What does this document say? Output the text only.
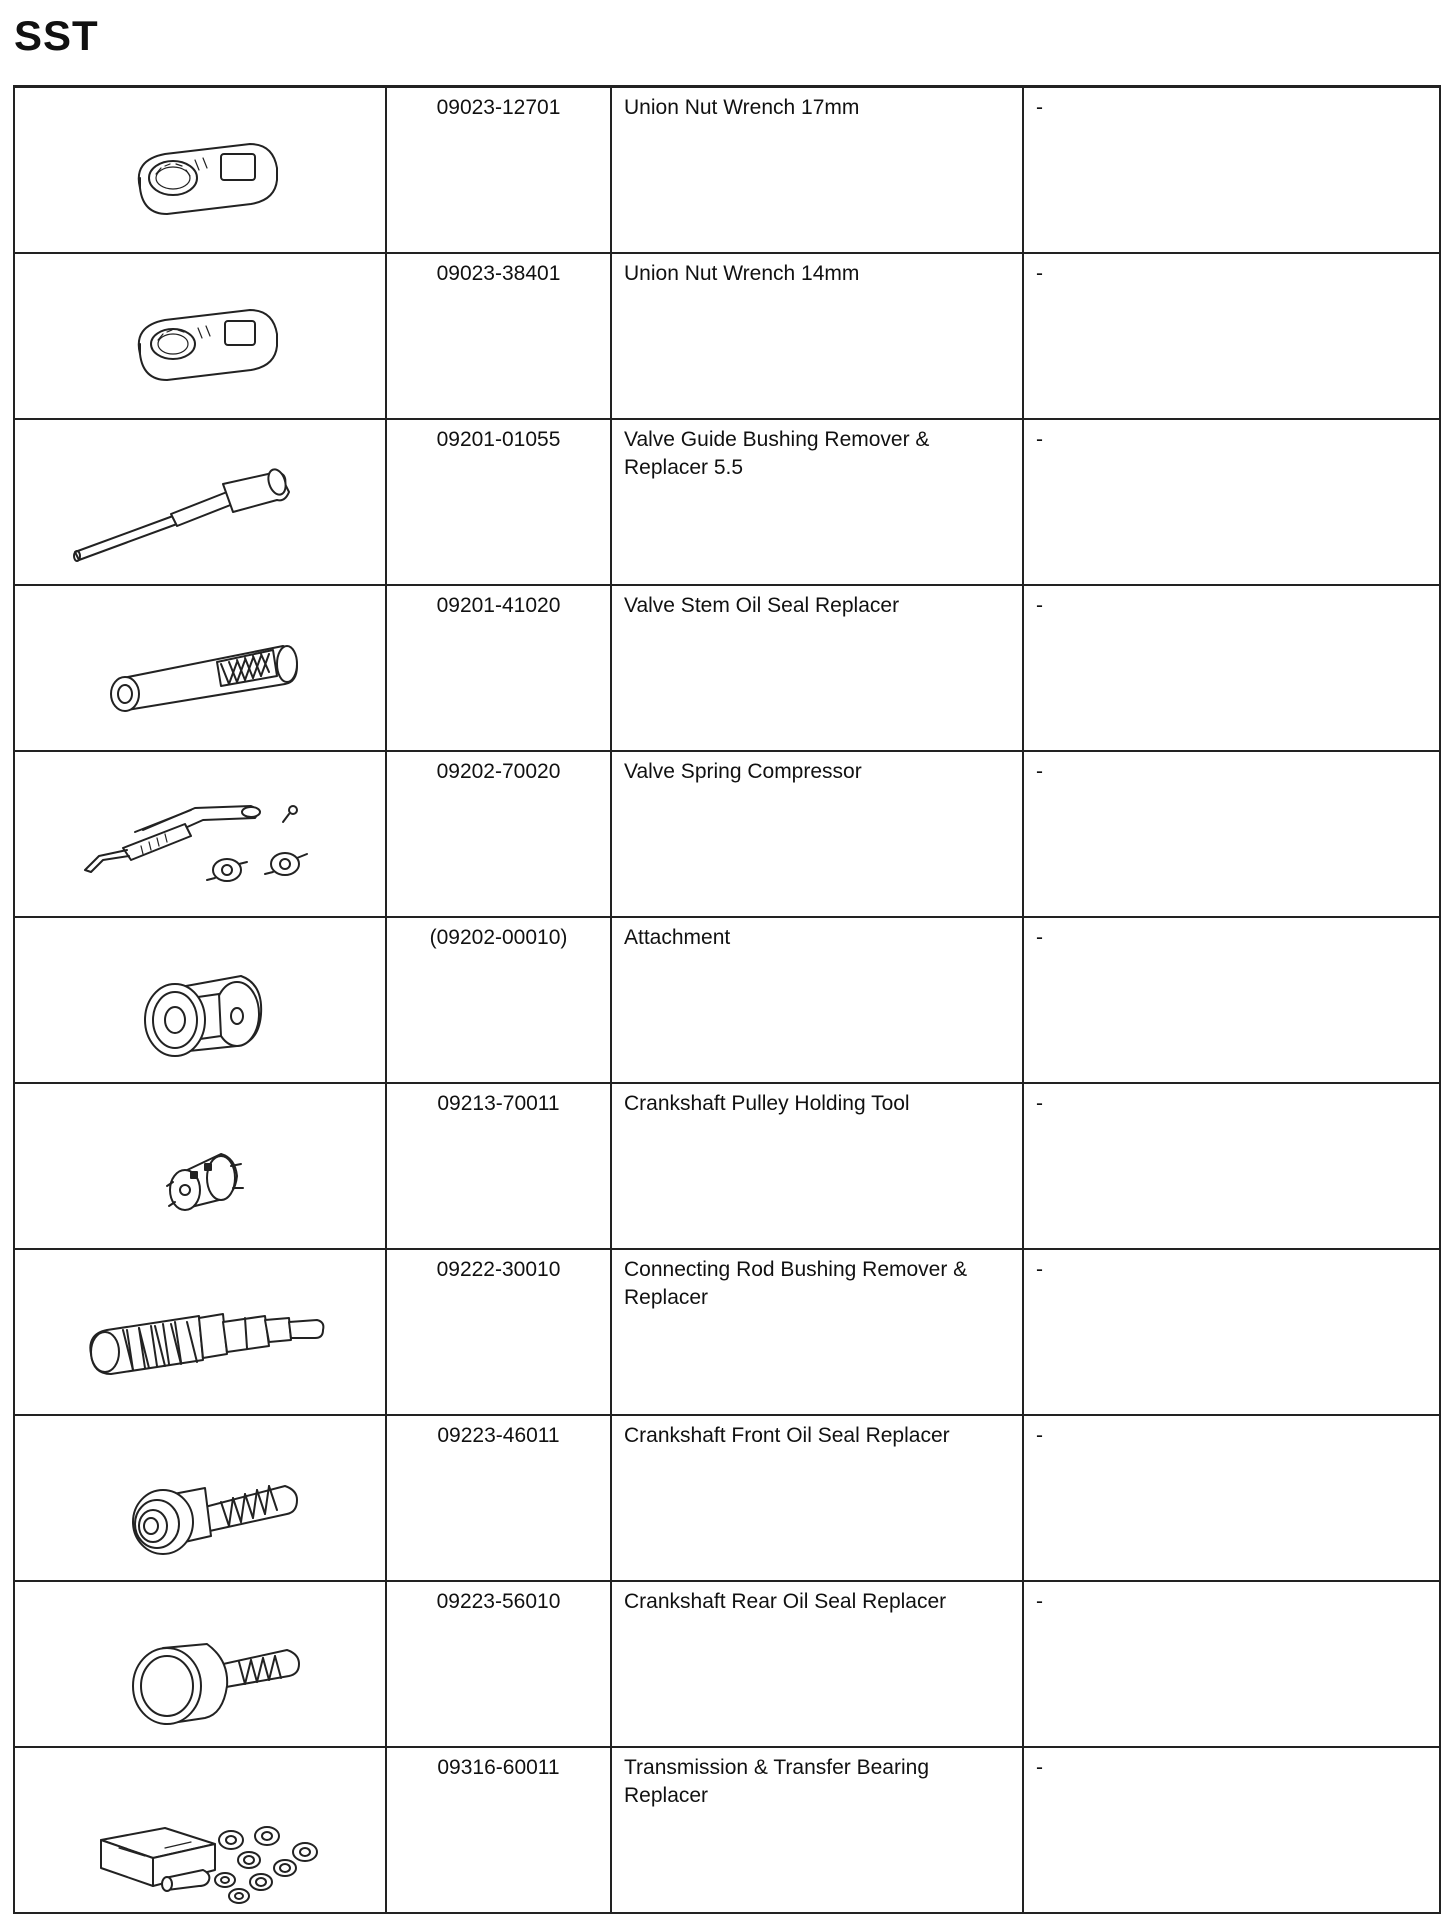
SST
	09023-12701	Union Nut Wrench 17mm	-

	09023-38401	Union Nut Wrench 14mm	-

	09201-01055	Valve Guide Bushing Remover & Replacer 5.5	-

	09201-41020	Valve Stem Oil Seal Replacer	-

	09202-70020	Valve Spring Compressor	-

	(09202-00010)	Attachment	-

	09213-70011	Crankshaft Pulley Holding Tool	-

	09222-30010	Connecting Rod Bushing Remover & Replacer	-

	09223-46011	Crankshaft Front Oil Seal Replacer	-

	09223-56010	Crankshaft Rear Oil Seal Replacer	-

	09316-60011	Transmission & Transfer Bearing Replacer	-
